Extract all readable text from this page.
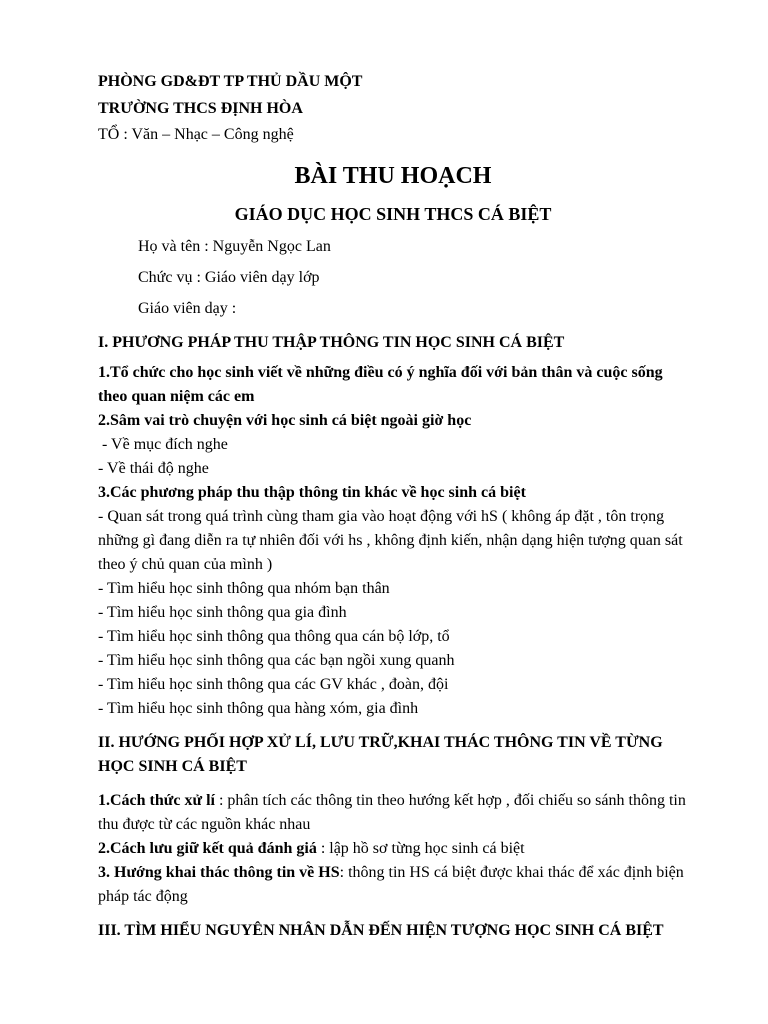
PHÒNG GD&ĐT TP THỦ DẦU MỘT

TRƯỜNG THCS ĐỊNH HÒA

TỔ : Văn – Nhạc – Công nghệ

BÀI THU HOẠCH

GIÁO DỤC HỌC SINH THCS CÁ BIỆT

Họ và tên : Nguyễn Ngọc Lan

Chức vụ : Giáo viên dạy lớp

Giáo viên dạy :

I. PHƯƠNG PHÁP THU THẬP THÔNG TIN HỌC SINH CÁ BIỆT

1.Tổ chức cho học sinh viết về những điều có ý nghĩa đối với bản thân và cuộc sống theo quan niệm các em

2.Sâm vai trò chuyện với học sinh cá biệt ngoài giờ học

- Về mục đích nghe

- Về thái độ nghe

3.Các phương pháp thu thập thông tin khác về học sinh cá biệt

- Quan sát trong quá trình cùng tham gia vào hoạt động với hS ( không áp đặt , tôn trọng những gì đang diễn ra tự nhiên đối với hs , không định kiến, nhận dạng hiện tượng quan sát theo ý chủ quan của mình )

- Tìm hiểu học sinh thông qua nhóm bạn thân

- Tìm hiểu học sinh thông qua gia đình

- Tìm hiểu học sinh thông qua thông qua cán bộ lớp, tổ

- Tìm hiểu học sinh thông qua các bạn ngồi xung quanh

- Tìm hiểu học sinh thông qua các GV khác , đoàn, đội

- Tìm hiểu học sinh thông qua hàng xóm, gia đình

II. HƯỚNG PHỐI HỢP XỬ LÍ, LƯU TRỮ,KHAI THÁC THÔNG TIN VỀ TỪNG HỌC SINH CÁ BIỆT

1.Cách thức xử lí : phân tích các thông tin theo hướng kết hợp , đối chiếu so sánh thông tin thu được từ các nguồn khác nhau

2.Cách lưu giữ kết quả đánh giá : lập hồ sơ từng học sinh cá biệt

3. Hướng khai thác thông tin về HS: thông tin HS cá biệt được khai thác để xác định biện pháp tác động

III. TÌM HIỂU NGUYÊN NHÂN DẪN ĐẾN HIỆN TƯỢNG HỌC SINH CÁ BIỆT
